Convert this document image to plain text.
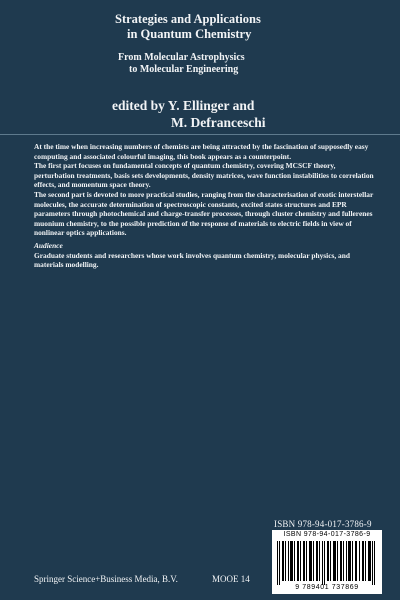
Strategies and Applications
in Quantum Chemistry
From Molecular Astrophysics
to Molecular Engineering
edited by Y. Ellinger and
M. Defranceschi

At the time when increasing numbers of chemists are being attracted by the fascination of supposedly easy computing and associated colourful imaging, this book appears as a counterpoint.

The first part focuses on fundamental concepts of quantum chemistry, covering MCSCF theory, perturbation treatments, basis sets developments, density matrices, wave function instabilities to correlation effects, and momentum space theory.

The second part is devoted to more practical studies, ranging from the characterisation of exotic interstellar molecules, the accurate determination of spectroscopic constants, excited states structures and EPR parameters through photochemical and charge-transfer processes, through cluster chemistry and fullerenes muonium chemistry, to the possible prediction of the response of materials to electric fields in view of nonlinear optics applications.

Audience

Graduate students and researchers whose work involves quantum chemistry, molecular physics, and materials modelling.

ISBN 978-94-017-3786-9
ISBN 978-94-017-3786-9
9 789401 737869
Springer Science+Business Media, B.V.	MOOE 14
